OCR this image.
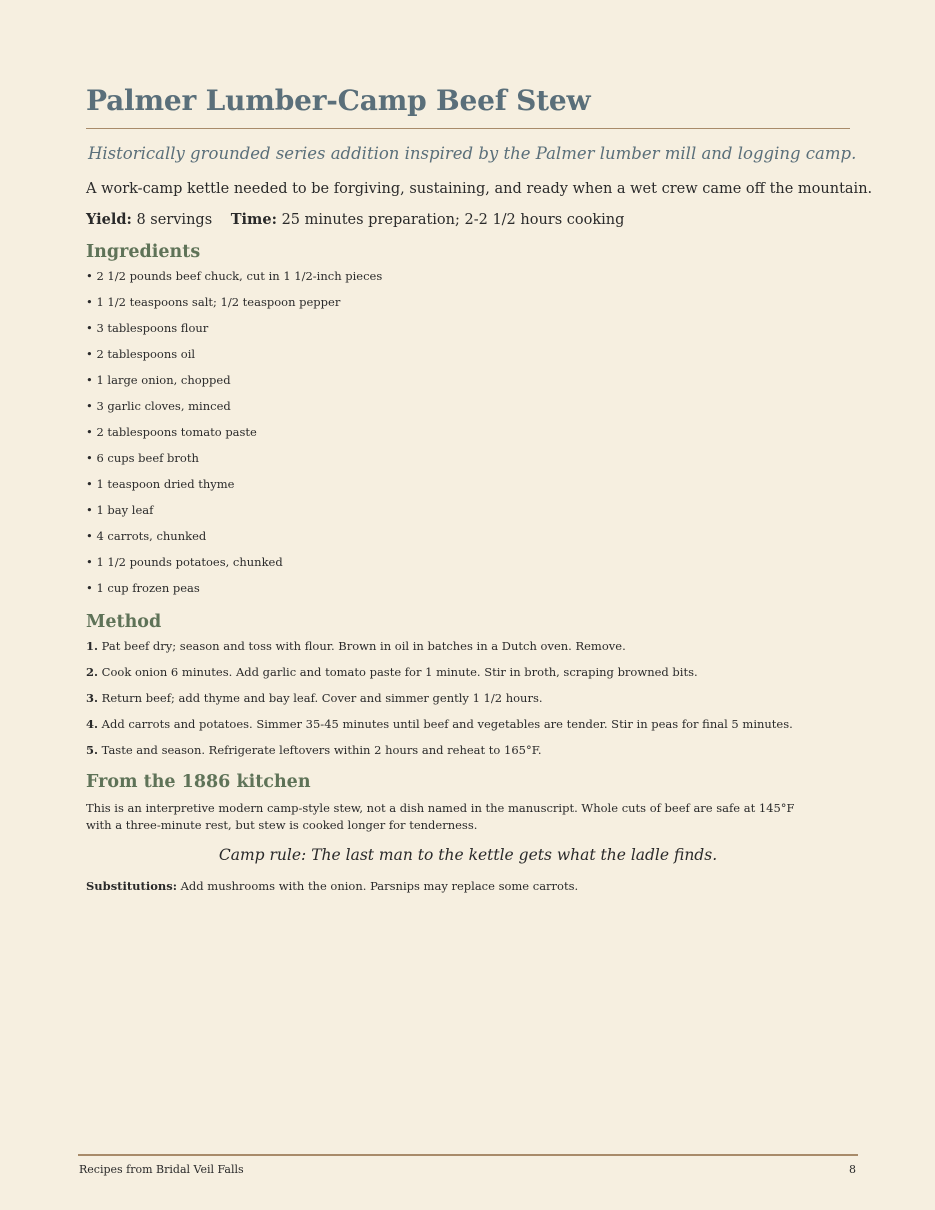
Palmer Lumber-Camp Beef Stew
Historically grounded series addition inspired by the Palmer lumber mill and logging camp.
A work-camp kettle needed to be forgiving, sustaining, and ready when a wet crew came off the mountain.
Yield: 8 servings Time: 25 minutes preparation; 2-2 1/2 hours cooking
Ingredients
• 2 1/2 pounds beef chuck, cut in 1 1/2-inch pieces
• 1 1/2 teaspoons salt; 1/2 teaspoon pepper
• 3 tablespoons flour
• 2 tablespoons oil
• 1 large onion, chopped
• 3 garlic cloves, minced
• 2 tablespoons tomato paste
• 6 cups beef broth
• 1 teaspoon dried thyme
• 1 bay leaf
• 4 carrots, chunked
• 1 1/2 pounds potatoes, chunked
• 1 cup frozen peas
Method
1. Pat beef dry; season and toss with flour. Brown in oil in batches in a Dutch oven. Remove.
2. Cook onion 6 minutes. Add garlic and tomato paste for 1 minute. Stir in broth, scraping browned bits.
3. Return beef; add thyme and bay leaf. Cover and simmer gently 1 1/2 hours.
4. Add carrots and potatoes. Simmer 35-45 minutes until beef and vegetables are tender. Stir in peas for final 5 minutes.
5. Taste and season. Refrigerate leftovers within 2 hours and reheat to 165°F.
From the 1886 kitchen
This is an interpretive modern camp-style stew, not a dish named in the manuscript. Whole cuts of beef are safe at 145°F with a three-minute rest, but stew is cooked longer for tenderness.
Camp rule: The last man to the kettle gets what the ladle finds.
Substitutions: Add mushrooms with the onion. Parsnips may replace some carrots.
Recipes from Bridal Veil Falls	8
